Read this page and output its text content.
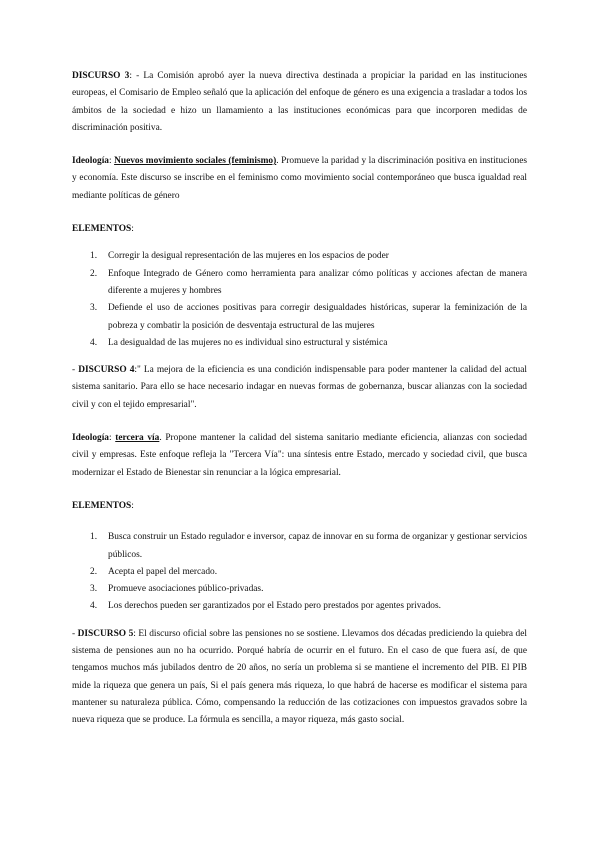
DISCURSO 3: - La Comisión aprobó ayer la nueva directiva destinada a propiciar la paridad en las instituciones europeas, el Comisario de Empleo señaló que la aplicación del enfoque de género es una exigencia a trasladar a todos los ámbitos de la sociedad e hizo un llamamiento a las instituciones económicas para que incorporen medidas de discriminación positiva.

Ideología: Nuevos movimiento sociales (feminismo). Promueve la paridad y la discriminación positiva en instituciones y economía. Este discurso se inscribe en el feminismo como movimiento social contemporáneo que busca igualdad real mediante políticas de género

ELEMENTOS:

1. Corregir la desigual representación de las mujeres en los espacios de poder
2. Enfoque Integrado de Género como herramienta para analizar cómo políticas y acciones afectan de manera diferente a mujeres y hombres
3. Defiende el uso de acciones positivas para corregir desigualdades históricas, superar la feminización de la pobreza y combatir la posición de desventaja estructural de las mujeres
4. La desigualdad de las mujeres no es individual sino estructural y sistémica

- DISCURSO 4:" La mejora de la eficiencia es una condición indispensable para poder mantener la calidad del actual sistema sanitario. Para ello se hace necesario indagar en nuevas formas de gobernanza, buscar alianzas con la sociedad civil y con el tejido empresarial".

Ideología: tercera vía. Propone mantener la calidad del sistema sanitario mediante eficiencia, alianzas con sociedad civil y empresas. Este enfoque refleja la "Tercera Vía": una síntesis entre Estado, mercado y sociedad civil, que busca modernizar el Estado de Bienestar sin renunciar a la lógica empresarial.

ELEMENTOS:

1. Busca construir un Estado regulador e inversor, capaz de innovar en su forma de organizar y gestionar servicios públicos.
2. Acepta el papel del mercado.
3. Promueve asociaciones público-privadas.
4. Los derechos pueden ser garantizados por el Estado pero prestados por agentes privados.

- DISCURSO 5: El discurso oficial sobre las pensiones no se sostiene. Llevamos dos décadas prediciendo la quiebra del sistema de pensiones aun no ha ocurrido. Porqué habría de ocurrir en el futuro. En el caso de que fuera así, de que tengamos muchos más jubilados dentro de 20 años, no sería un problema si se mantiene el incremento del PIB. El PIB mide la riqueza que genera un país, Si el país genera más riqueza, lo que habrá de hacerse es modificar el sistema para mantener su naturaleza pública. Cómo, compensando la reducción de las cotizaciones con impuestos gravados sobre la nueva riqueza que se produce. La fórmula es sencilla, a mayor riqueza, más gasto social.
